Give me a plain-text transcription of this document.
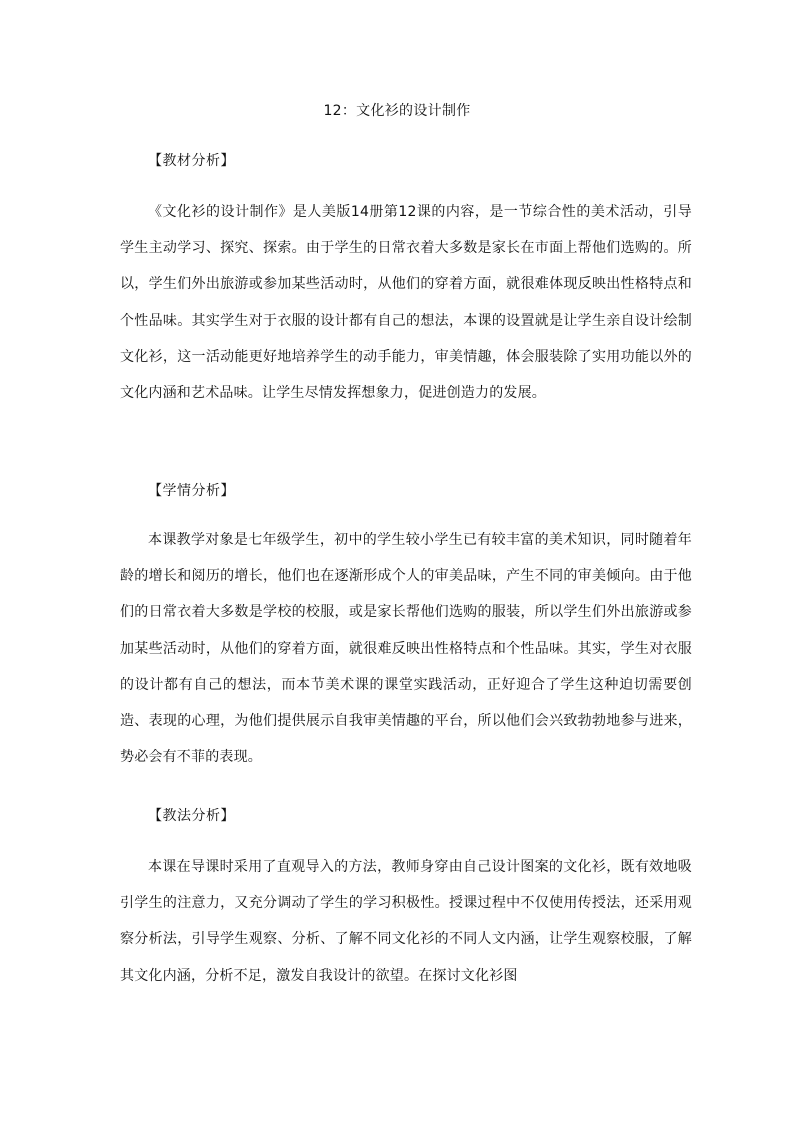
12：文化衫的设计制作
【教材分析】

《文化衫的设计制作》是人美版14册第12课的内容，是一节综合性的美术活动，引导学生主动学习、探究、探索。由于学生的日常衣着大多数是家长在市面上帮他们选购的。所以，学生们外出旅游或参加某些活动时，从他们的穿着方面，就很难体现反映出性格特点和个性品味。其实学生对于衣服的设计都有自己的想法，本课的设置就是让学生亲自设计绘制文化衫，这一活动能更好地培养学生的动手能力，审美情趣，体会服装除了实用功能以外的文化内涵和艺术品味。让学生尽情发挥想象力，促进创造力的发展。

【学情分析】

本课教学对象是七年级学生，初中的学生较小学生已有较丰富的美术知识，同时随着年龄的增长和阅历的增长，他们也在逐渐形成个人的审美品味，产生不同的审美倾向。由于他们的日常衣着大多数是学校的校服，或是家长帮他们选购的服装，所以学生们外出旅游或参加某些活动时，从他们的穿着方面，就很难反映出性格特点和个性品味。其实，学生对衣服的设计都有自己的想法，而本节美术课的课堂实践活动，正好迎合了学生这种迫切需要创造、表现的心理，为他们提供展示自我审美情趣的平台，所以他们会兴致勃勃地参与进来，势必会有不菲的表现。

【教法分析】

本课在导课时采用了直观导入的方法，教师身穿由自己设计图案的文化衫，既有效地吸引学生的注意力，又充分调动了学生的学习积极性。授课过程中不仅使用传授法，还采用观察分析法，引导学生观察、分析、了解不同文化衫的不同人文内涵，让学生观察校服，了解其文化内涵，分析不足，激发自我设计的欲望。在探讨文化衫图
